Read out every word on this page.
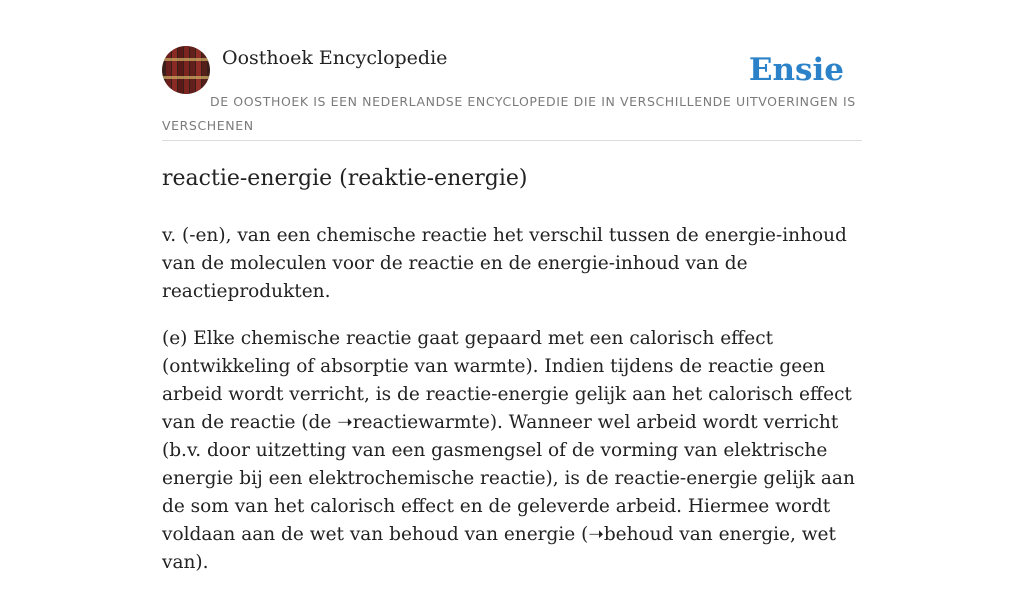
Oosthoek Encyclopedie	Ensie
DE OOSTHOEK IS EEN NEDERLANDSE ENCYCLOPEDIE DIE IN VERSCHILLENDE UITVOERINGEN IS VERSCHENEN
reactie-energie (reaktie-energie)

v. (-en), van een chemische reactie het verschil tussen de energie-inhoud van de moleculen voor de reactie en de energie-inhoud van de reactieprodukten.

(e) Elke chemische reactie gaat gepaard met een calorisch effect (ontwikkeling of absorptie van warmte). Indien tijdens de reactie geen arbeid wordt verricht, is de reactie-energie gelijk aan het calorisch effect van de reactie (de ➝reactiewarmte). Wanneer wel arbeid wordt verricht (b.v. door uitzetting van een gasmengsel of de vorming van elektrische energie bij een elektrochemische reactie), is de reactie-energie gelijk aan de som van het calorisch effect en de geleverde arbeid. Hiermee wordt voldaan aan de wet van behoud van energie (➝behoud van energie, wet van).
